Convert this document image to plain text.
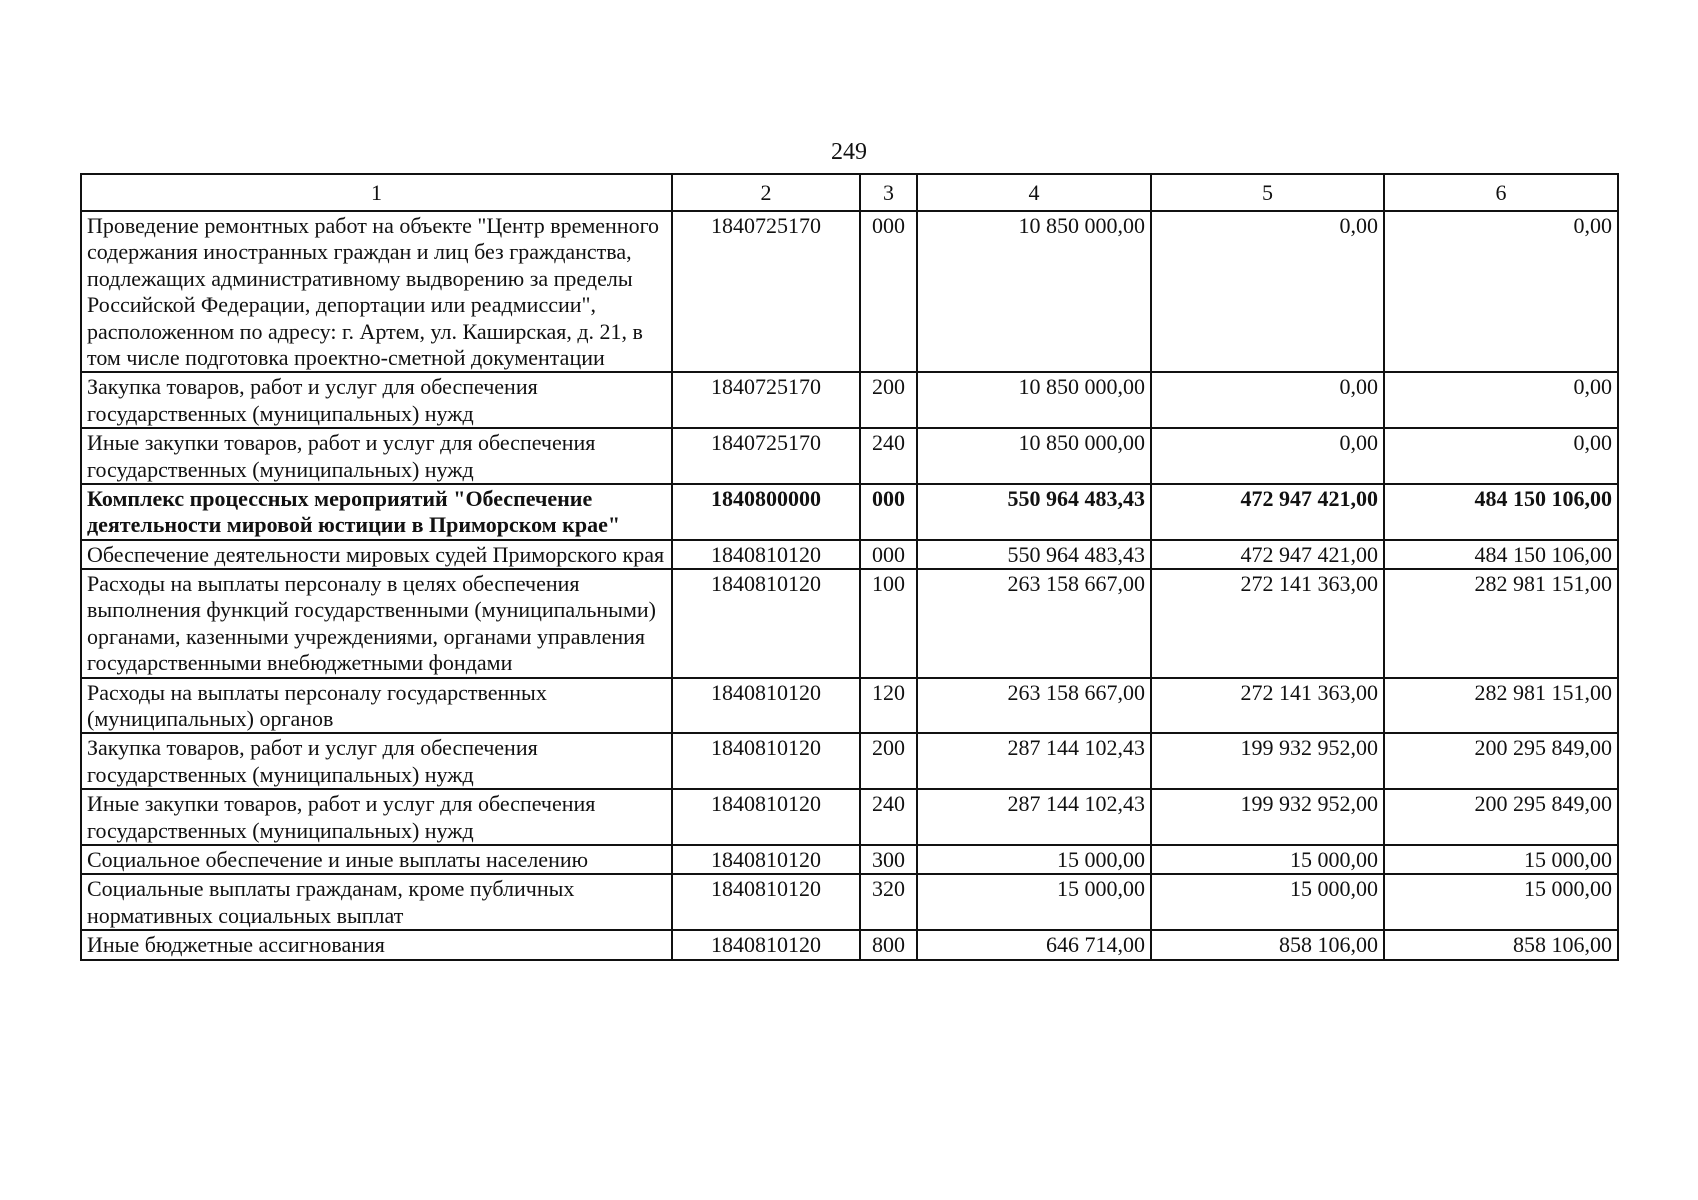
249
1	2	3	4	5	6
Проведение ремонтных работ на объекте "Центр временного содержания иностранных граждан и лиц без гражданства, подлежащих административному выдворению за пределы Российской Федерации, депортации или реадмиссии", расположенном по адресу: г. Артем, ул. Каширская, д. 21, в том числе подготовка проектно-сметной документации	1840725170	000	10 850 000,00	0,00	0,00
Закупка товаров, работ и услуг для обеспечения государственных (муниципальных) нужд	1840725170	200	10 850 000,00	0,00	0,00
Иные закупки товаров, работ и услуг для обеспечения государственных (муниципальных) нужд	1840725170	240	10 850 000,00	0,00	0,00
Комплекс процессных мероприятий "Обеспечение деятельности мировой юстиции в Приморском крае"	1840800000	000	550 964 483,43	472 947 421,00	484 150 106,00
Обеспечение деятельности мировых судей Приморского края	1840810120	000	550 964 483,43	472 947 421,00	484 150 106,00
Расходы на выплаты персоналу в целях обеспечения выполнения функций государственными (муниципальными) органами, казенными учреждениями, органами управления государственными внебюджетными фондами	1840810120	100	263 158 667,00	272 141 363,00	282 981 151,00
Расходы на выплаты персоналу государственных (муниципальных) органов	1840810120	120	263 158 667,00	272 141 363,00	282 981 151,00
Закупка товаров, работ и услуг для обеспечения государственных (муниципальных) нужд	1840810120	200	287 144 102,43	199 932 952,00	200 295 849,00
Иные закупки товаров, работ и услуг для обеспечения государственных (муниципальных) нужд	1840810120	240	287 144 102,43	199 932 952,00	200 295 849,00
Социальное обеспечение и иные выплаты населению	1840810120	300	15 000,00	15 000,00	15 000,00
Социальные выплаты гражданам, кроме публичных нормативных социальных выплат	1840810120	320	15 000,00	15 000,00	15 000,00
Иные бюджетные ассигнования	1840810120	800	646 714,00	858 106,00	858 106,00
